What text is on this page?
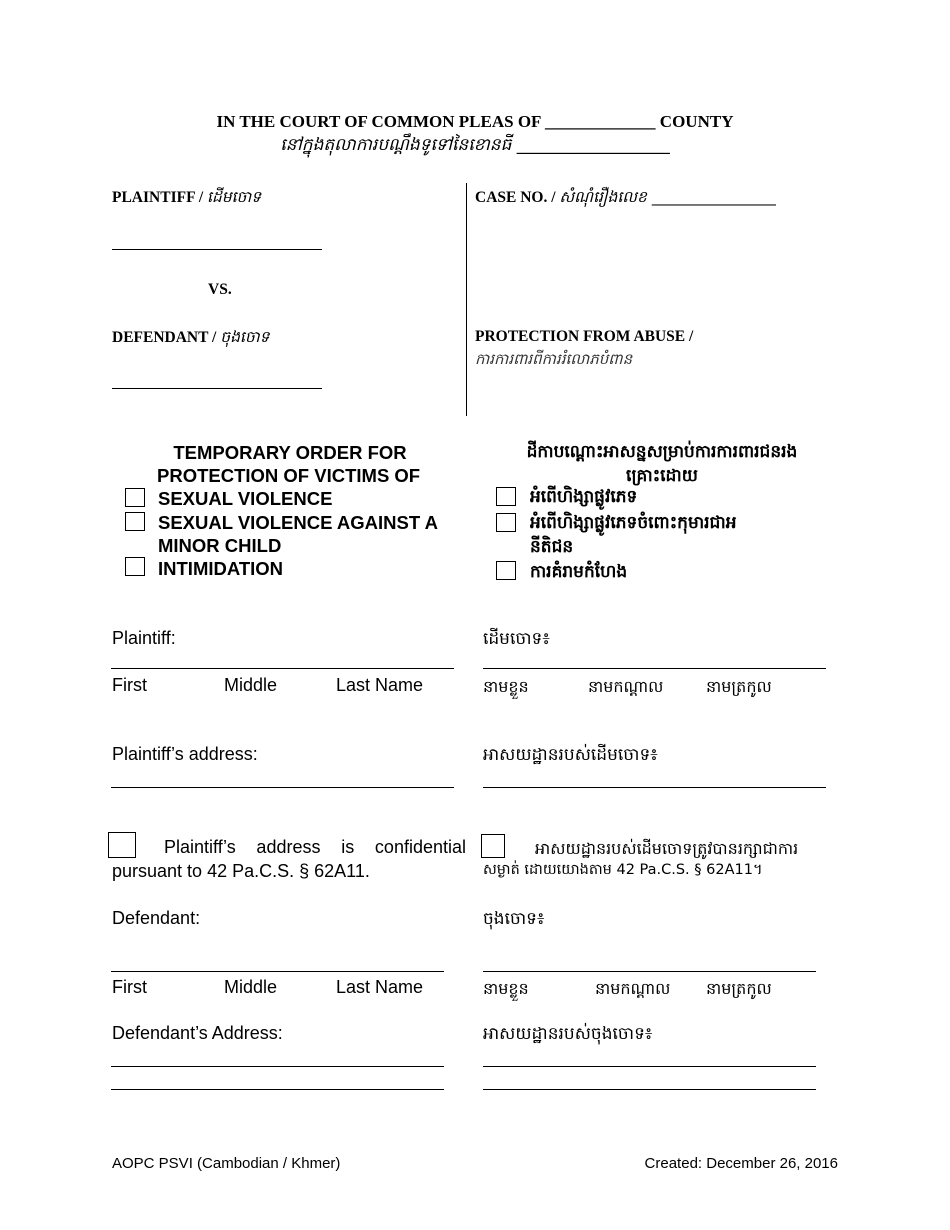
IN THE COURT OF COMMON PLEAS OF _____________ COUNTY
នៅក្នុងតុលាការបណ្តឹងទូទៅនៃខោនធី __________________
PLAINTIFF / ដើមចោទ
VS.
DEFENDANT / ចុងចោទ
CASE NO. / សំណុំរឿងលេខ ________________
PROTECTION FROM ABUSE /
ការការពារពីការរំលោភបំពាន
TEMPORARY ORDER FOR
PROTECTION OF VICTIMS OF
SEXUAL VIOLENCE
SEXUAL VIOLENCE AGAINST A
MINOR CHILD
INTIMIDATION
ដីកាបណ្តោះអាសន្នសម្រាប់ការការពារជនរង
គ្រោះដោយ
អំពើហិង្សាផ្លូវភេទ
អំពើហិង្សាផ្លូវភេទចំពោះកុមារជាអ
នីតិជន
ការគំរាមកំហែង
Plaintiff:	ដើមចោទ៖
First	Middle	Last Name	នាមខ្លួន	នាមកណ្តាល	នាមត្រកូល
Plaintiff’s address:	អាសយដ្ឋានរបស់ដើមចោទ៖
Plaintiff’s  address  is  confidential
pursuant to 42 Pa.C.S. § 62A11.
អាសយដ្ឋានរបស់ដើមចោទត្រូវបានរក្សាជាការ
សម្ងាត់ ដោយយោងតាម 42 Pa.C.S. § 62A11។
Defendant:	ចុងចោទ៖
First	Middle	Last Name	នាមខ្លួន	នាមកណ្តាល នាមត្រកូល
Defendant’s Address:	អាសយដ្ឋានរបស់ចុងចោទ៖
AOPC PSVI (Cambodian / Khmer)	Created: December 26, 2016
